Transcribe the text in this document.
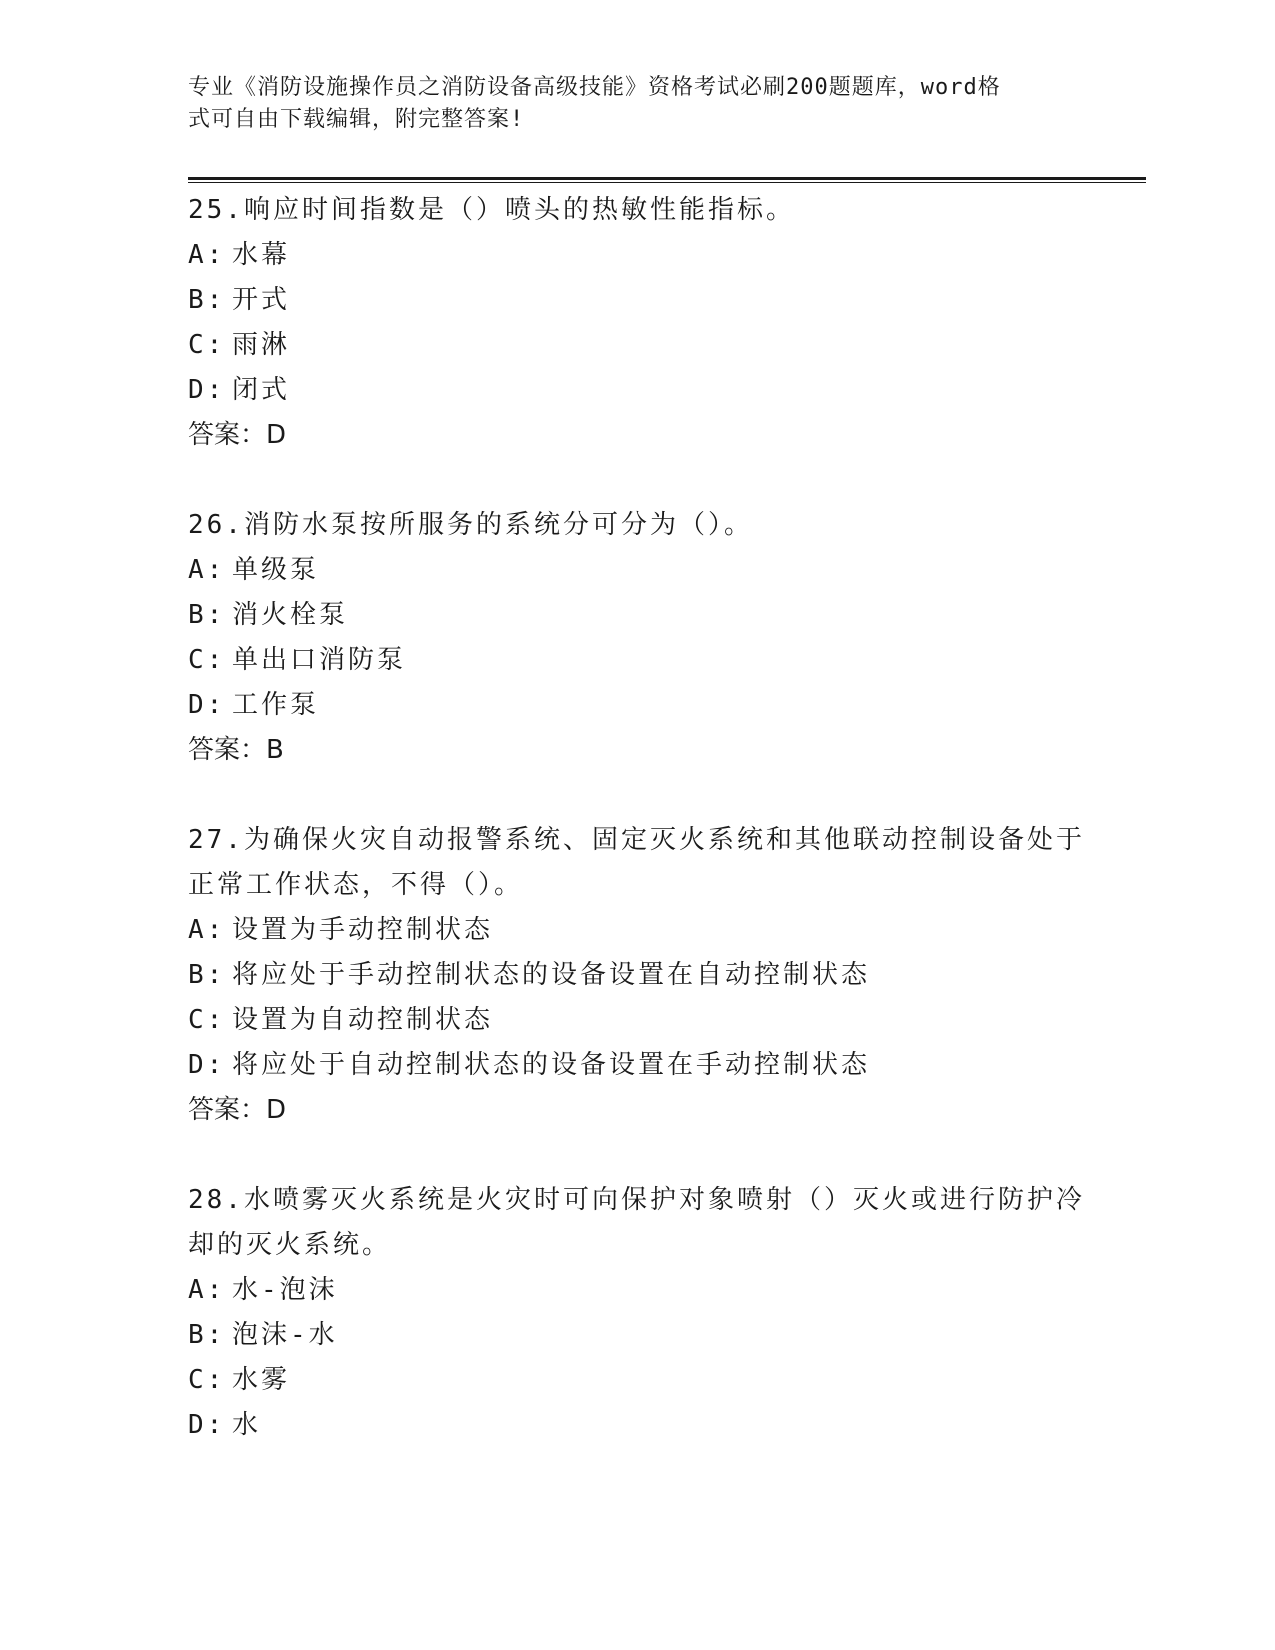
专业《消防设施操作员之消防设备高级技能》资格考试必刷200题题库，word格
式可自由下载编辑，附完整答案!
25.响应时间指数是（）喷头的热敏性能指标。
A: 水幕
B: 开式
C: 雨淋
D: 闭式
答案：D
26.消防水泵按所服务的系统分可分为（）。
A: 单级泵
B: 消火栓泵
C: 单出口消防泵
D: 工作泵
答案：B
27.为确保火灾自动报警系统、固定灭火系统和其他联动控制设备处于正常工作状态，不得（）。
A: 设置为手动控制状态
B: 将应处于手动控制状态的设备设置在自动控制状态
C: 设置为自动控制状态
D: 将应处于自动控制状态的设备设置在手动控制状态
答案：D
28.水喷雾灭火系统是火灾时可向保护对象喷射（）灭火或进行防护冷却的灭火系统。
A: 水-泡沫
B: 泡沫-水
C: 水雾
D: 水
